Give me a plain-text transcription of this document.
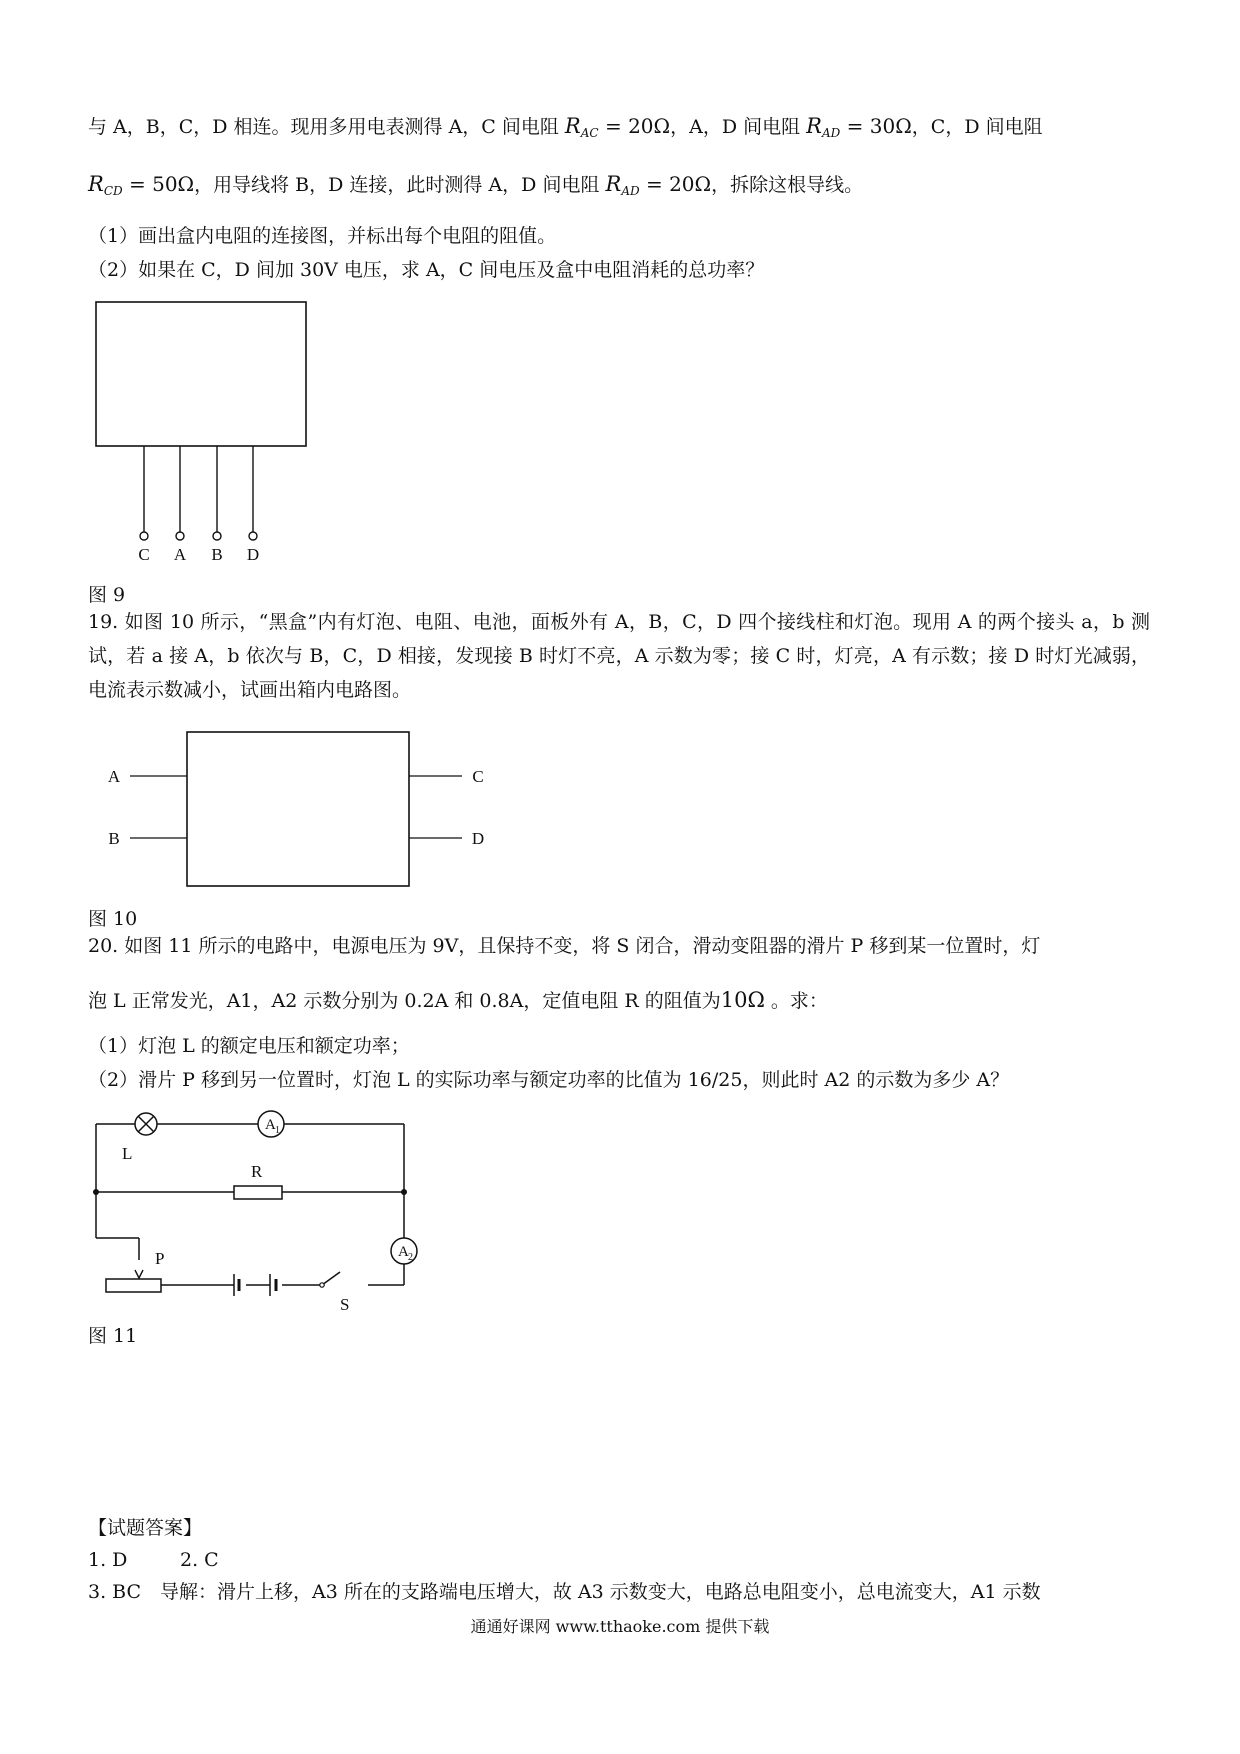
与 A，B，C，D 相连。现用多用电表测得 A，C 间电阻 $R_{AC} = 20\Omega$，A，D 间电阻 $R_{AD} = 30\Omega$，C，D 间电阻
$R_{CD} = 50\Omega$，用导线将 B，D 连接，此时测得 A，D 间电阻 $R_{AD} = 20\Omega$，拆除这根导线。
（1）画出盒内电阻的连接图，并标出每个电阻的阻值。
（2）如果在 C，D 间加 30V 电压，求 A，C 间电压及盒中电阻消耗的总功率？
C A B D
图 9
19. 如图 10 所示，“黑盒”内有灯泡、电阻、电池，面板外有 A，B，C，D 四个接线柱和灯泡。现用 A 的两个接头 a，b 测试，若 a 接 A，b 依次与 B，C，D 相接，发现接 B 时灯不亮，A 示数为零；接 C 时，灯亮，A 有示数；接 D 时灯光减弱，电流表示数减小，试画出箱内电路图。
A
B
C
D
图 10
20. 如图 11 所示的电路中，电源电压为 9V，且保持不变，将 S 闭合，滑动变阻器的滑片 P 移到某一位置时，灯
泡 L 正常发光，A1，A2 示数分别为 0.2A 和 0.8A，定值电阻 R 的阻值为10Ω 。求：
（1）灯泡 L 的额定电压和额定功率；
（2）滑片 P 移到另一位置时，灯泡 L 的实际功率与额定功率的比值为 16/25，则此时 A2 的示数为多少 A？
L
A 1
R
A 2
P
S
图 11
【试题答案】
1. D	2. C
3. BC　导解：滑片上移，A3 所在的支路端电压增大，故 A3 示数变大，电路总电阻变小，总电流变大，A1 示数
通通好课网 www.tthaoke.com 提供下载
